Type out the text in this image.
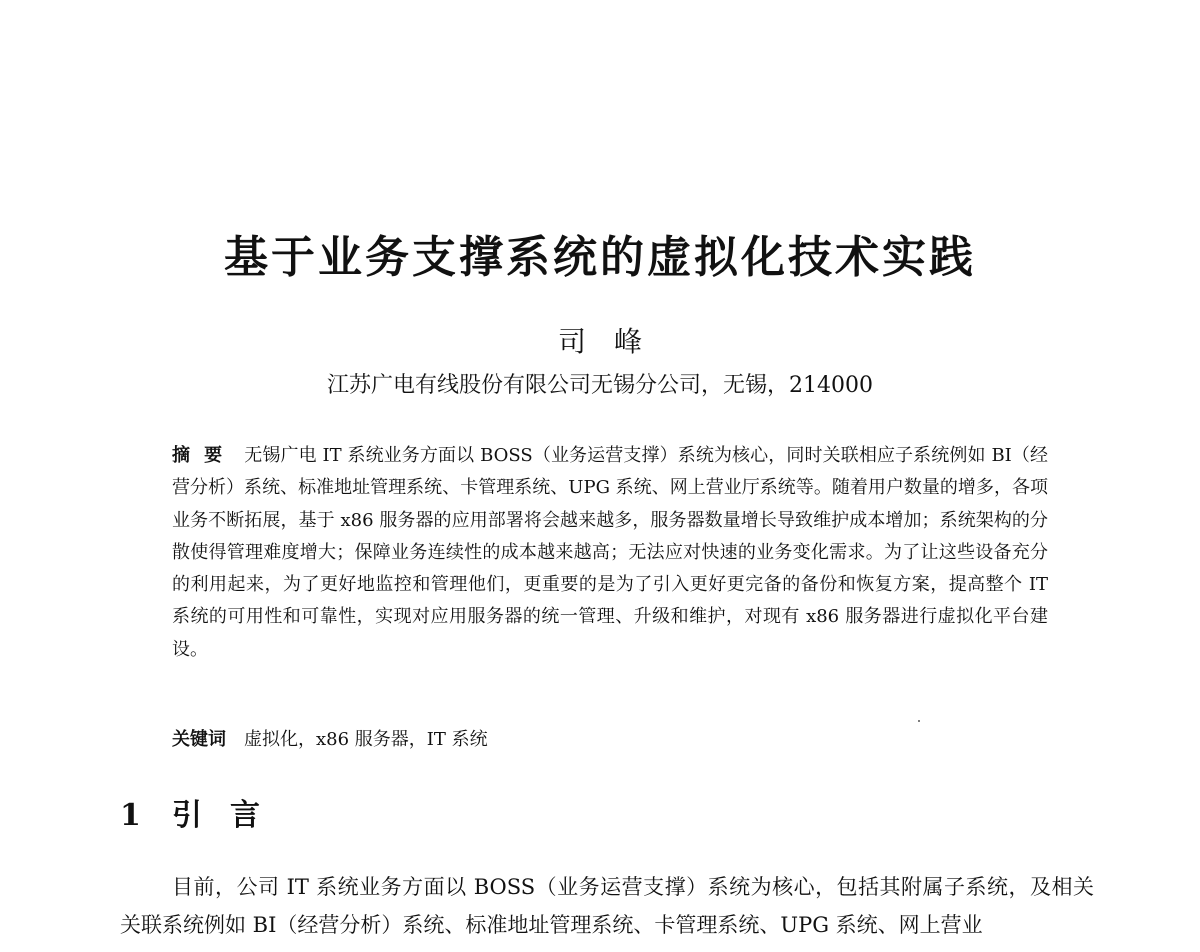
基于业务支撑系统的虚拟化技术实践
司峰
江苏广电有线股份有限公司无锡分公司，无锡，214000
摘要 无锡广电 IT 系统业务方面以 BOSS（业务运营支撑）系统为核心，同时关联相应子系统例如 BI（经营分析）系统、标准地址管理系统、卡管理系统、UPG 系统、网上营业厅系统等。随着用户数量的增多，各项业务不断拓展，基于 x86 服务器的应用部署将会越来越多，服务器数量增长导致维护成本增加；系统架构的分散使得管理难度增大；保障业务连续性的成本越来越高；无法应对快速的业务变化需求。为了让这些设备充分的利用起来，为了更好地监控和管理他们，更重要的是为了引入更好更完备的备份和恢复方案，提高整个 IT 系统的可用性和可靠性，实现对应用服务器的统一管理、升级和维护，对现有 x86 服务器进行虚拟化平台建设。
关键词 虚拟化，x86 服务器，IT 系统
1 引言
目前，公司 IT 系统业务方面以 BOSS（业务运营支撑）系统为核心，包括其附属子系统，及相关关联系统例如 BI（经营分析）系统、标准地址管理系统、卡管理系统、UPG 系统、网上营业
